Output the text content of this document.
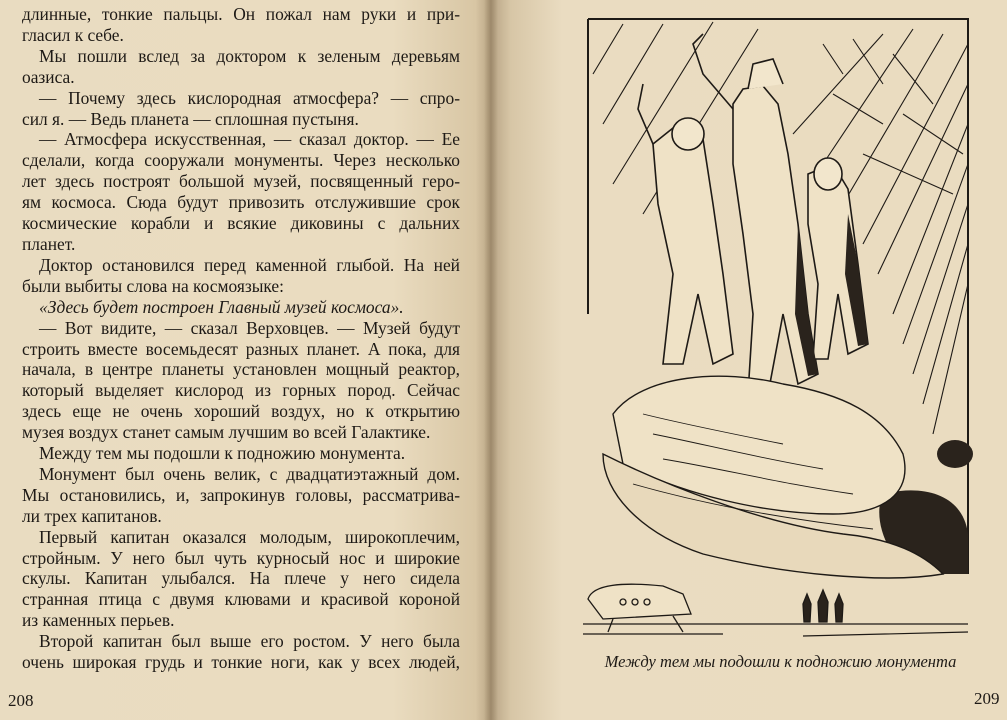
длинные, тонкие пальцы. Он пожал нам руки и при-
гласил к себе.
Мы пошли вслед за доктором к зеленым деревьям
оазиса.
— Почему здесь кислородная атмосфера? — спро-
сил я. — Ведь планета — сплошная пустыня.
— Атмосфера искусственная, — сказал доктор. — Ее
сделали, когда сооружали монументы. Через несколько
лет здесь построят большой музей, посвященный геро-
ям космоса. Сюда будут привозить отслужившие срок
космические корабли и всякие диковины с дальних
планет.
Доктор остановился перед каменной глыбой. На ней
были выбиты слова на космоязыке:
«Здесь будет построен Главный музей космоса».
— Вот видите, — сказал Верховцев. — Музей будут
строить вместе восемьдесят разных планет. А пока, для
начала, в центре планеты установлен мощный реактор,
который выделяет кислород из горных пород. Сейчас
здесь еще не очень хороший воздух, но к открытию
музея воздух станет самым лучшим во всей Галактике.
Между тем мы подошли к подножию монумента.
Монумент был очень велик, с двадцатиэтажный дом.
Мы остановились, и, запрокинув головы, рассматрива-
ли трех капитанов.
Первый капитан оказался молодым, широкоплечим,
стройным. У него был чуть курносый нос и широкие
скулы. Капитан улыбался. На плече у него сидела
странная птица с двумя клювами и красивой короной
из каменных перьев.
Второй капитан был выше его ростом. У него была
очень широкая грудь и тонкие ноги, как у всех людей,
208
Между тем мы подошли к подножию монумента
209
